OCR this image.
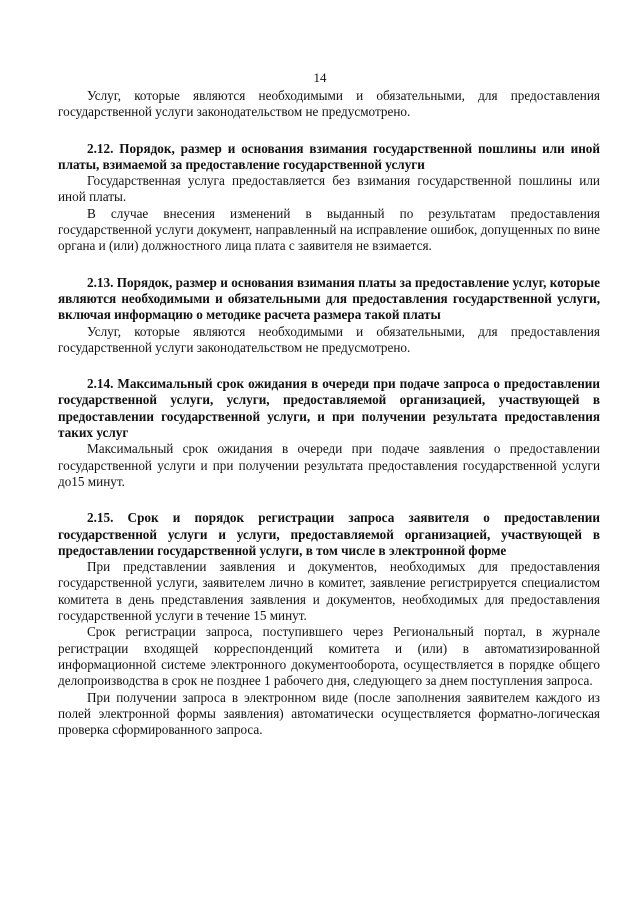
14

Услуг, которые являются необходимыми и обязательными, для предоставления государственной услуги законодательством не предусмотрено.

2.12. Порядок, размер и основания взимания государственной пошлины или иной платы, взимаемой за предоставление государственной услуги

Государственная услуга предоставляется без взимания государственной пошлины или иной платы.

В случае внесения изменений в выданный по результатам предоставления государственной услуги документ, направленный на исправление ошибок, допущенных по вине органа и (или) должностного лица плата с заявителя не взимается.

2.13. Порядок, размер и основания взимания платы за предоставление услуг, которые являются необходимыми и обязательными для предоставления государственной услуги, включая информацию о методике расчета размера такой платы

Услуг, которые являются необходимыми и обязательными, для предоставления государственной услуги законодательством не предусмотрено.

2.14. Максимальный срок ожидания в очереди при подаче запроса о предоставлении государственной услуги, услуги, предоставляемой организацией, участвующей в предоставлении государственной услуги, и при получении результата предоставления таких услуг

Максимальный срок ожидания в очереди при подаче заявления о предоставлении государственной услуги и при получении результата предоставления государственной услуги до15 минут.

2.15. Срок и порядок регистрации запроса заявителя о предоставлении государственной услуги и услуги, предоставляемой организацией, участвующей в предоставлении государственной услуги, в том числе в электронной форме

При представлении заявления и документов, необходимых для предоставления государственной услуги, заявителем лично в комитет, заявление регистрируется специалистом комитета в день представления заявления и документов, необходимых для предоставления государственной услуги в течение 15 минут.

Срок регистрации запроса, поступившего через Региональный портал, в журнале регистрации входящей корреспонденций комитета и (или) в автоматизированной информационной системе электронного документооборота, осуществляется в порядке общего делопроизводства в срок не позднее 1 рабочего дня, следующего за днем поступления запроса.

При получении запроса в электронном виде (после заполнения заявителем каждого из полей электронной формы заявления) автоматически осуществляется форматно-логическая проверка сформированного запроса.
